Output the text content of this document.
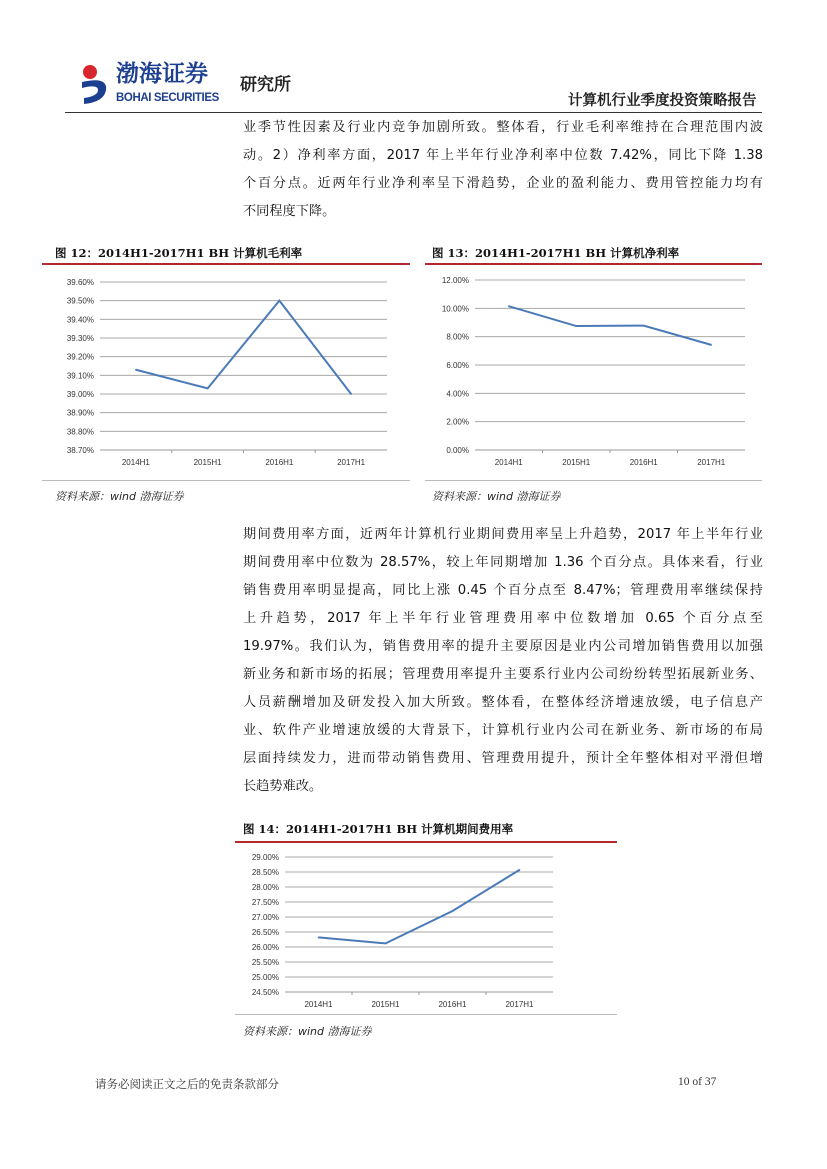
渤海证券
BOHAI SECURITIES
研究所
计算机行业季度投资策略报告
业季节性因素及行业内竞争加剧所致。整体看，行业毛利率维持在合理范围内波
动。2）净利率方面，2017 年上半年行业净利率中位数 7.42%，同比下降 1.38
个百分点。近两年行业净利率呈下滑趋势，企业的盈利能力、费用管控能力均有
不同程度下降。
图 12：2014H1-2017H1 BH 计算机毛利率
38.70%
38.80%
38.90%
39.00%
39.10%
39.20%
39.30%
39.40%
39.50%
39.60%
2014H1	2015H1	2016H1	2017H1
资料来源：wind 渤海证券
图 13：2014H1-2017H1 BH 计算机净利率
0.00%
2.00%
4.00%
6.00%
8.00%
10.00%
12.00%
2014H1	2015H1	2016H1	2017H1
资料来源：wind 渤海证券
期间费用率方面，近两年计算机行业期间费用率呈上升趋势，2017 年上半年行业
期间费用率中位数为 28.57%，较上年同期增加 1.36 个百分点。具体来看，行业
销售费用率明显提高，同比上涨 0.45 个百分点至 8.47%；管理费用率继续保持
上升趋势，2017 年上半年行业管理费用率中位数增加 0.65 个百分点至
19.97%。我们认为，销售费用率的提升主要原因是业内公司增加销售费用以加强
新业务和新市场的拓展；管理费用率提升主要系行业内公司纷纷转型拓展新业务、
人员薪酬增加及研发投入加大所致。整体看，在整体经济增速放缓，电子信息产
业、软件产业增速放缓的大背景下，计算机行业内公司在新业务、新市场的布局
层面持续发力，进而带动销售费用、管理费用提升，预计全年整体相对平滑但增
长趋势难改。
图 14：2014H1-2017H1 BH 计算机期间费用率
24.50%
25.00%
25.50%
26.00%
26.50%
27.00%
27.50%
28.00%
28.50%
29.00%
2014H1	2015H1	2016H1	2017H1
资料来源：wind 渤海证券
请务必阅读正文之后的免责条款部分	10 of 37
